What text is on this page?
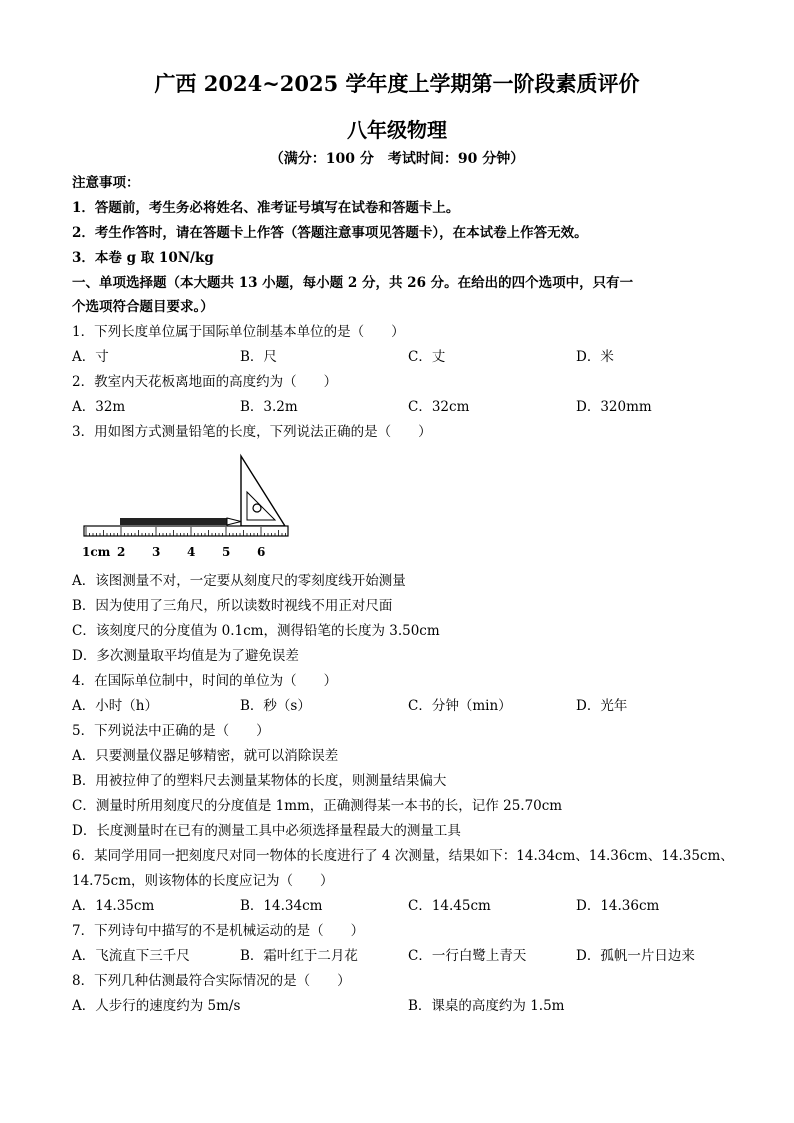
广西 2024~2025 学年度上学期第一阶段素质评价
八年级物理
（满分：100 分　考试时间：90 分钟）
注意事项：
1．答题前，考生务必将姓名、准考证号填写在试卷和答题卡上。
2．考生作答时，请在答题卡上作答（答题注意事项见答题卡），在本试卷上作答无效。
3．本卷 g 取 10N/kg
一、单项选择题（本大题共 13 小题，每小题 2 分，共 26 分。在给出的四个选项中，只有一
个选项符合题目要求。）
1．下列长度单位属于国际单位制基本单位的是（　　）
A．寸	B．尺	C．丈	D．米
2．教室内天花板离地面的高度约为（　　）
A．32m	B．3.2m	C．32cm	D．320mm
3．用如图方式测量铅笔的长度，下列说法正确的是（　　）
1cm 2 3 4 5 6
A．该图测量不对，一定要从刻度尺的零刻度线开始测量
B．因为使用了三角尺，所以读数时视线不用正对尺面
C．该刻度尺的分度值为 0.1cm，测得铅笔的长度为 3.50cm
D．多次测量取平均值是为了避免误差
4．在国际单位制中，时间的单位为（　　）
A．小时（h）	B．秒（s）	C．分钟（min）	D．光年
5．下列说法中正确的是（　　）
A．只要测量仪器足够精密，就可以消除误差
B．用被拉伸了的塑料尺去测量某物体的长度，则测量结果偏大
C．测量时所用刻度尺的分度值是 1mm，正确测得某一本书的长，记作 25.70cm
D．长度测量时在已有的测量工具中必须选择量程最大的测量工具
6．某同学用同一把刻度尺对同一物体的长度进行了 4 次测量，结果如下：14.34cm、14.36cm、14.35cm、
14.75cm，则该物体的长度应记为（　　）
A．14.35cm	B．14.34cm	C．14.45cm	D．14.36cm
7．下列诗句中描写的不是机械运动的是（　　）
A．飞流直下三千尺	B．霜叶红于二月花	C．一行白鹭上青天	D．孤帆一片日边来
8．下列几种估测最符合实际情况的是（　　）
A．人步行的速度约为 5m/s	B．课桌的高度约为 1.5m
